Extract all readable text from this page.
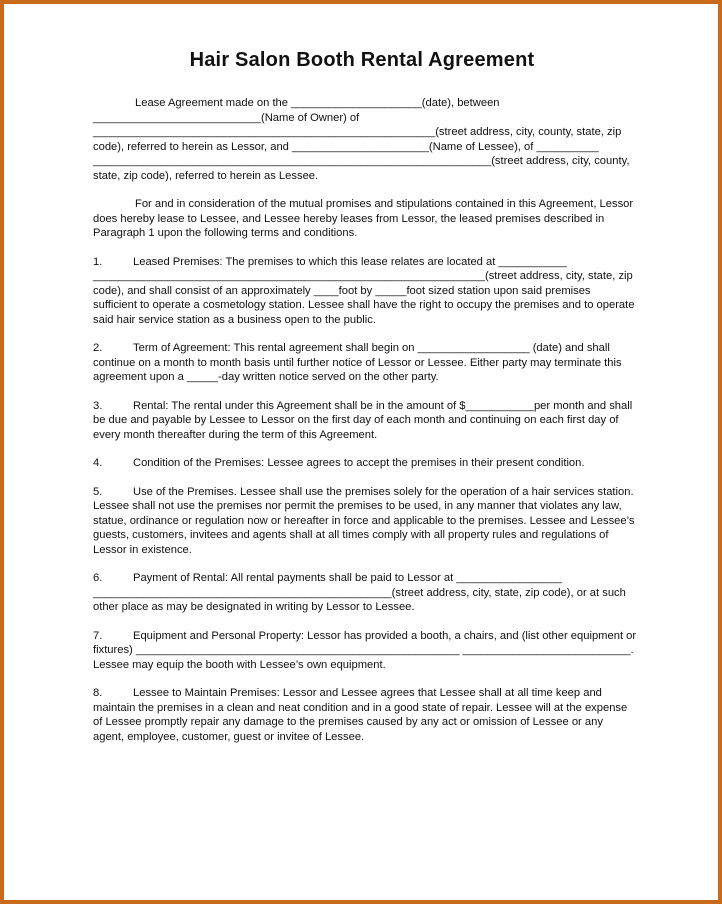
Hair Salon Booth Rental Agreement

Lease Agreement made on the _____________________(date), between ___________________________(Name of Owner) of _______________________________________________________(street address, city, county, state, zip code), referred to herein as Lessor, and ______________________(Name of Lessee), of __________ ________________________________________________________________(street address, city, county, state, zip code), referred to herein as Lessee.

For and in consideration of the mutual promises and stipulations contained in this Agreement, Lessor does hereby lease to Lessee, and Lessee hereby leases from Lessor, the leased premises described in Paragraph 1 upon the following terms and conditions.

1.	Leased Premises: The premises to which this lease relates are located at ___________ _______________________________________________________________(street address, city, state, zip code), and shall consist of an approximately ____foot by _____foot sized station upon said premises sufficient to operate a cosmetology station. Lessee shall have the right to occupy the premises and to operate said hair service station as a business open to the public.
2.	Term of Agreement: This rental agreement shall begin on __________________ (date) and shall continue on a month to month basis until further notice of Lessor or Lessee. Either party may terminate this agreement upon a _____-day written notice served on the other party.
3.	Rental: The rental under this Agreement shall be in the amount of $___________per month and shall be due and payable by Lessee to Lessor on the first day of each month and continuing on each first day of every month thereafter during the term of this Agreement.
4.	Condition of the Premises: Lessee agrees to accept the premises in their present condition.
5.	Use of the Premises. Lessee shall use the premises solely for the operation of a hair services station. Lessee shall not use the premises nor permit the premises to be used, in any manner that violates any law, statue, ordinance or regulation now or hereafter in force and applicable to the premises. Lessee and Lessee’s guests, customers, invitees and agents shall at all times comply with all property rules and regulations of Lessor in existence.
6.	Payment of Rental: All rental payments shall be paid to Lessor at _________________ ________________________________________________(street address, city, state, zip code), or at such other place as may be designated in writing by Lessor to Lessee.
7.	Equipment and Personal Property: Lessor has provided a booth, a chairs, and (list other equipment or fixtures) ____________________________________________________ ___________________________. Lessee may equip the booth with Lessee’s own equipment.
8.	Lessee to Maintain Premises: Lessor and Lessee agrees that Lessee shall at all time keep and maintain the premises in a clean and neat condition and in a good state of repair. Lessee will at the expense of Lessee promptly repair any damage to the premises caused by any act or omission of Lessee or any agent, employee, customer, guest or invitee of Lessee.
